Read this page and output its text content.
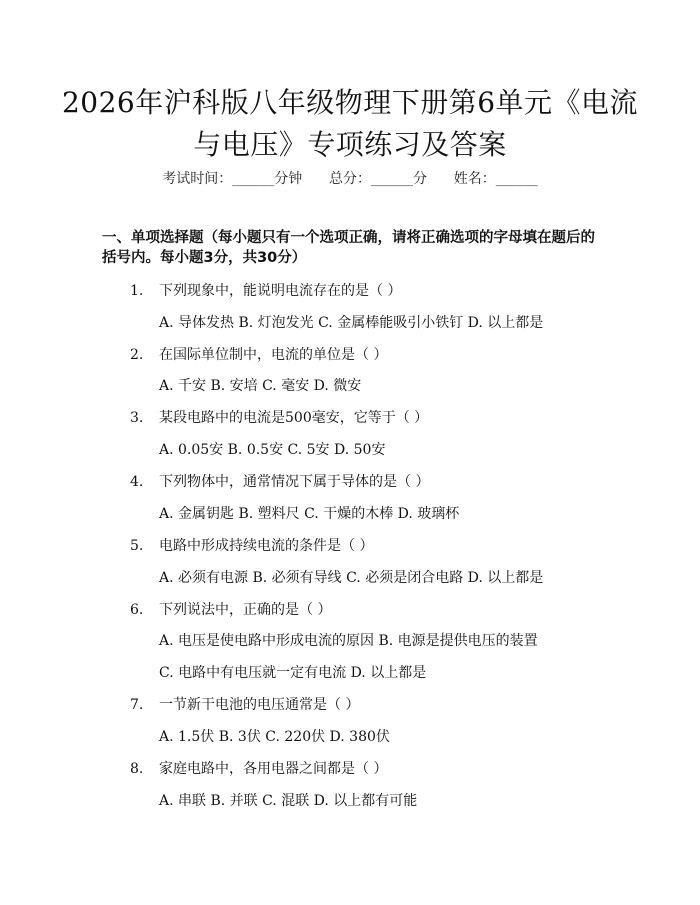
2026年沪科版八年级物理下册第6单元《电流与电压》专项练习及答案
考试时间：______分钟      总分：______分      姓名：______
一、单项选择题（每小题只有一个选项正确，请将正确选项的字母填在题后的括号内。每小题3分，共30分）
1.	下列现象中，能说明电流存在的是（ ）
A. 导体发热 B. 灯泡发光 C. 金属棒能吸引小铁钉 D. 以上都是
2.	在国际单位制中，电流的单位是（ ）
A. 千安 B. 安培 C. 毫安 D. 微安
3.	某段电路中的电流是500毫安，它等于（ ）
A. 0.05安 B. 0.5安 C. 5安 D. 50安
4.	下列物体中，通常情况下属于导体的是（ ）
A. 金属钥匙 B. 塑料尺 C. 干燥的木棒 D. 玻璃杯
5.	电路中形成持续电流的条件是（ ）
A. 必须有电源 B. 必须有导线 C. 必须是闭合电路 D. 以上都是
6.	下列说法中，正确的是（ ）
A. 电压是使电路中形成电流的原因 B. 电源是提供电压的装置
C. 电路中有电压就一定有电流 D. 以上都是
7.	一节新干电池的电压通常是（ ）
A. 1.5伏 B. 3伏 C. 220伏 D. 380伏
8.	家庭电路中，各用电器之间都是（ ）
A. 串联 B. 并联 C. 混联 D. 以上都有可能
